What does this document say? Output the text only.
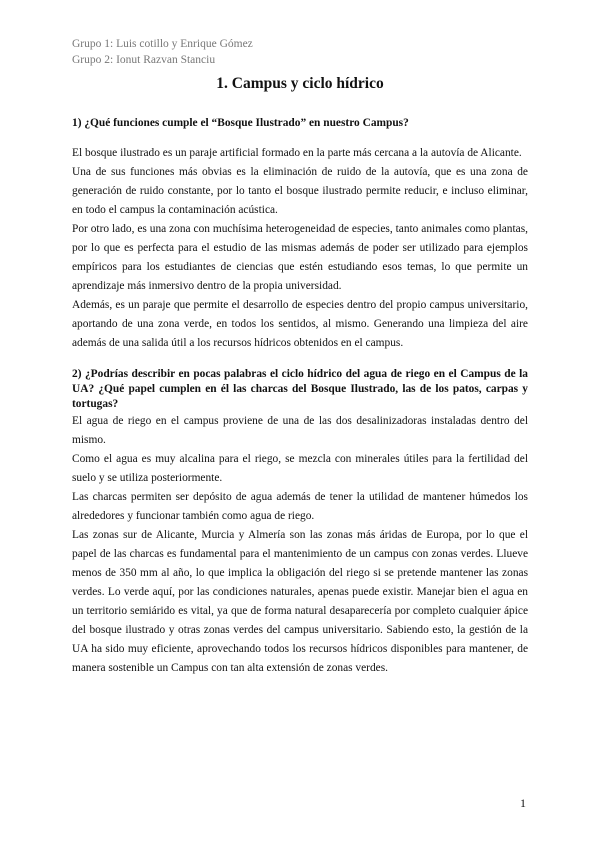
Grupo 1: Luis cotillo y Enrique Gómez
Grupo 2: Ionut Razvan Stanciu
1. Campus y ciclo hídrico
1) ¿Qué funciones cumple el “Bosque Ilustrado” en nuestro Campus?

El bosque ilustrado es un paraje artificial formado en la parte más cercana a la autovía de Alicante.

Una de sus funciones más obvias es la eliminación de ruido de la autovía, que es una zona de generación de ruido constante, por lo tanto el bosque ilustrado permite reducir, e incluso eliminar, en todo el campus la contaminación acústica.

Por otro lado, es una zona con muchísima heterogeneidad de especies, tanto animales como plantas, por lo que es perfecta para el estudio de las mismas además de poder ser utilizado para ejemplos empíricos para los estudiantes de ciencias que estén estudiando esos temas, lo que permite un aprendizaje más inmersivo dentro de la propia universidad.

Además, es un paraje que permite el desarrollo de especies dentro del propio campus universitario, aportando de una zona verde, en todos los sentidos, al mismo. Generando una limpieza del aire además de una salida útil a los recursos hídricos obtenidos en el campus.

2) ¿Podrías describir en pocas palabras el ciclo hídrico del agua de riego en el Campus de la UA? ¿Qué papel cumplen en él las charcas del Bosque Ilustrado, las de los patos, carpas y tortugas?

El agua de riego en el campus proviene de una de las dos desalinizadoras instaladas dentro del mismo.

Como el agua es muy alcalina para el riego, se mezcla con minerales útiles para la fertilidad del suelo y se utiliza posteriormente.

Las charcas permiten ser depósito de agua además de tener la utilidad de mantener húmedos los alrededores y funcionar también como agua de riego.

Las zonas sur de Alicante, Murcia y Almería son las zonas más áridas de Europa, por lo que el papel de las charcas es fundamental para el mantenimiento de un campus con zonas verdes. Llueve menos de 350 mm al año, lo que implica la obligación del riego si se pretende mantener las zonas verdes. Lo verde aquí, por las condiciones naturales, apenas puede existir. Manejar bien el agua en un territorio semiárido es vital, ya que de forma natural desaparecería por completo cualquier ápice del bosque ilustrado y otras zonas verdes del campus universitario. Sabiendo esto, la gestión de la UA ha sido muy eficiente, aprovechando todos los recursos hídricos disponibles para mantener, de manera sostenible un Campus con tan alta extensión de zonas verdes.

1
